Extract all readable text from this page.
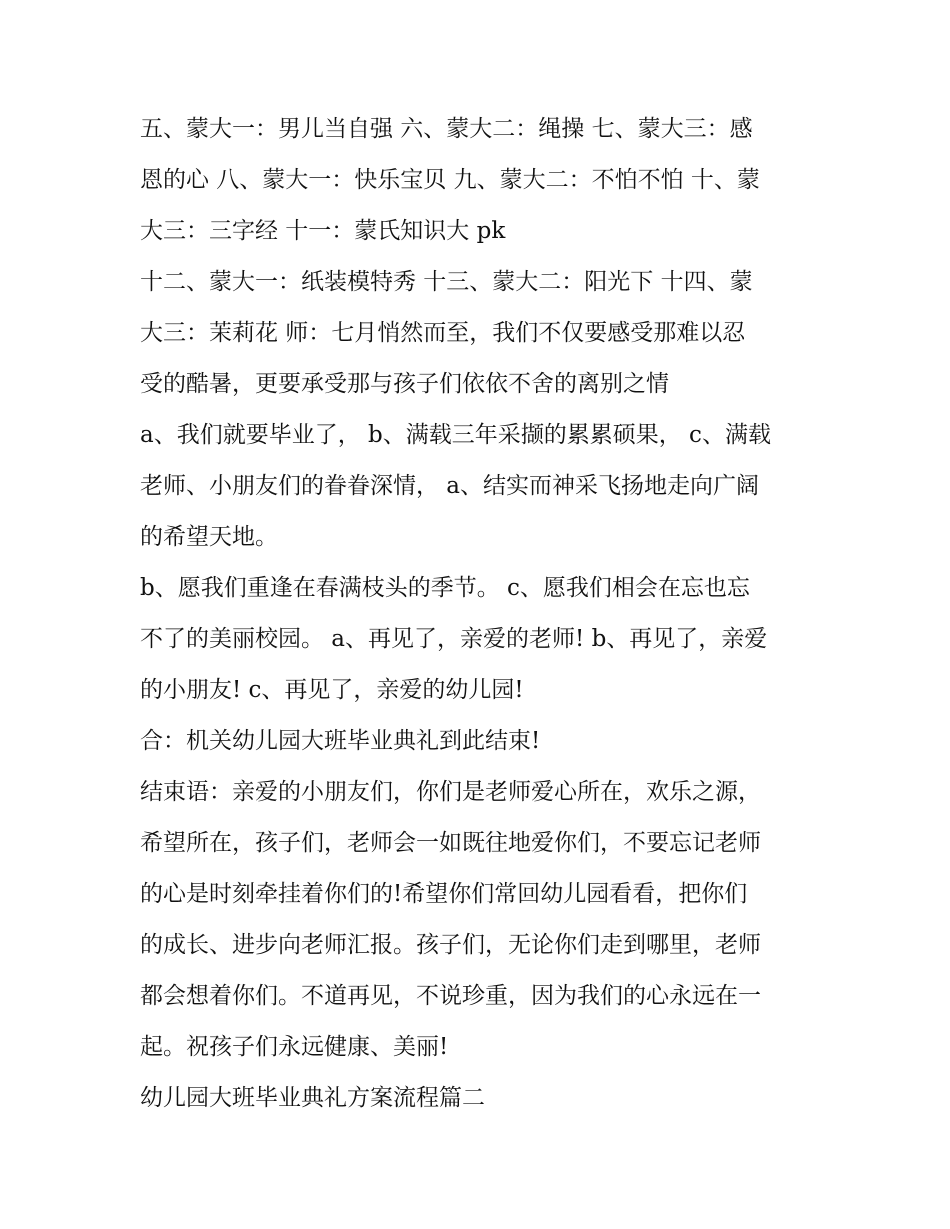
五、蒙大一：男儿当自强 六、蒙大二：绳操 七、蒙大三：感

恩的心 八、蒙大一：快乐宝贝 九、蒙大二：不怕不怕 十、蒙

大三：三字经 十一：蒙氏知识大 pk

十二、蒙大一：纸装模特秀 十三、蒙大二：阳光下 十四、蒙

大三：茉莉花 师：七月悄然而至，我们不仅要感受那难以忍

受的酷暑，更要承受那与孩子们依依不舍的离别之情

a、我们就要毕业了， b、满载三年采撷的累累硕果， c、满载

老师、小朋友们的眷眷深情， a、结实而神采飞扬地走向广阔

的希望天地。

b、愿我们重逢在春满枝头的季节。 c、愿我们相会在忘也忘

不了的美丽校园。 a、再见了，亲爱的老师! b、再见了，亲爱

的小朋友! c、再见了，亲爱的幼儿园!

合：机关幼儿园大班毕业典礼到此结束!

结束语：亲爱的小朋友们，你们是老师爱心所在，欢乐之源，

希望所在，孩子们，老师会一如既往地爱你们，不要忘记老师

的心是时刻牵挂着你们的!希望你们常回幼儿园看看，把你们

的成长、进步向老师汇报。孩子们，无论你们走到哪里，老师

都会想着你们。不道再见，不说珍重，因为我们的心永远在一

起。祝孩子们永远健康、美丽!

幼儿园大班毕业典礼方案流程篇二
